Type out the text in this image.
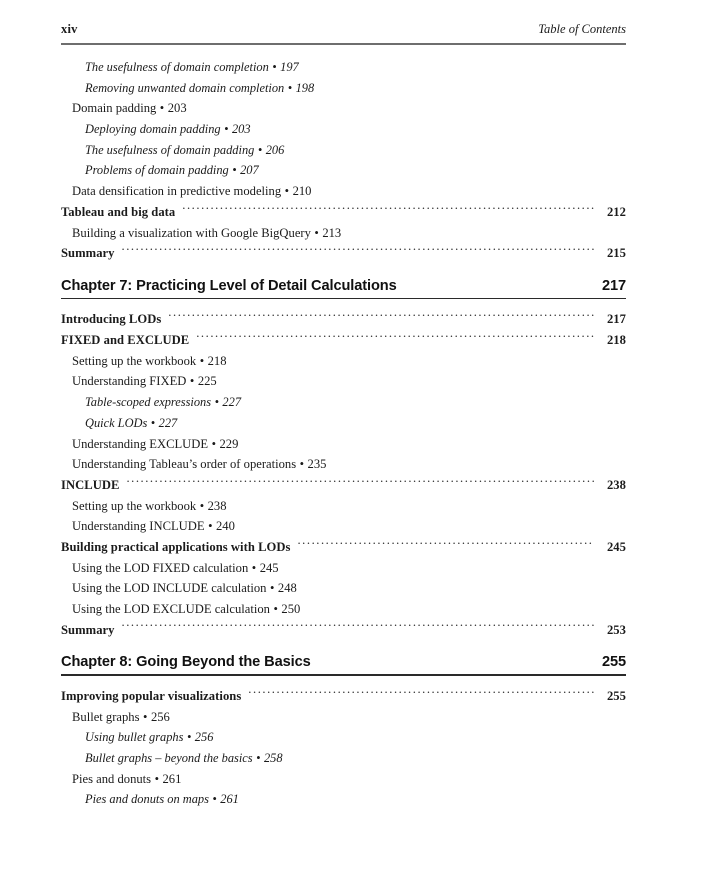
xiv	Table of Contents
The usefulness of domain completion • 197
Removing unwanted domain completion • 198
Domain padding • 203
Deploying domain padding • 203
The usefulness of domain padding • 206
Problems of domain padding • 207
Data densification in predictive modeling • 210
Tableau and big data .....	212
Building a visualization with Google BigQuery • 213
Summary .....	215
Chapter 7: Practicing Level of Detail Calculations	217
Introducing LODs .....	217
FIXED and EXCLUDE .....	218
Setting up the workbook • 218
Understanding FIXED • 225
Table-scoped expressions • 227
Quick LODs • 227
Understanding EXCLUDE • 229
Understanding Tableau’s order of operations • 235
INCLUDE .....	238
Setting up the workbook • 238
Understanding INCLUDE • 240
Building practical applications with LODs .....	245
Using the LOD FIXED calculation • 245
Using the LOD INCLUDE calculation • 248
Using the LOD EXCLUDE calculation • 250
Summary .....	253
Chapter 8: Going Beyond the Basics	255
Improving popular visualizations .....	255
Bullet graphs • 256
Using bullet graphs • 256
Bullet graphs – beyond the basics • 258
Pies and donuts • 261
Pies and donuts on maps • 261
